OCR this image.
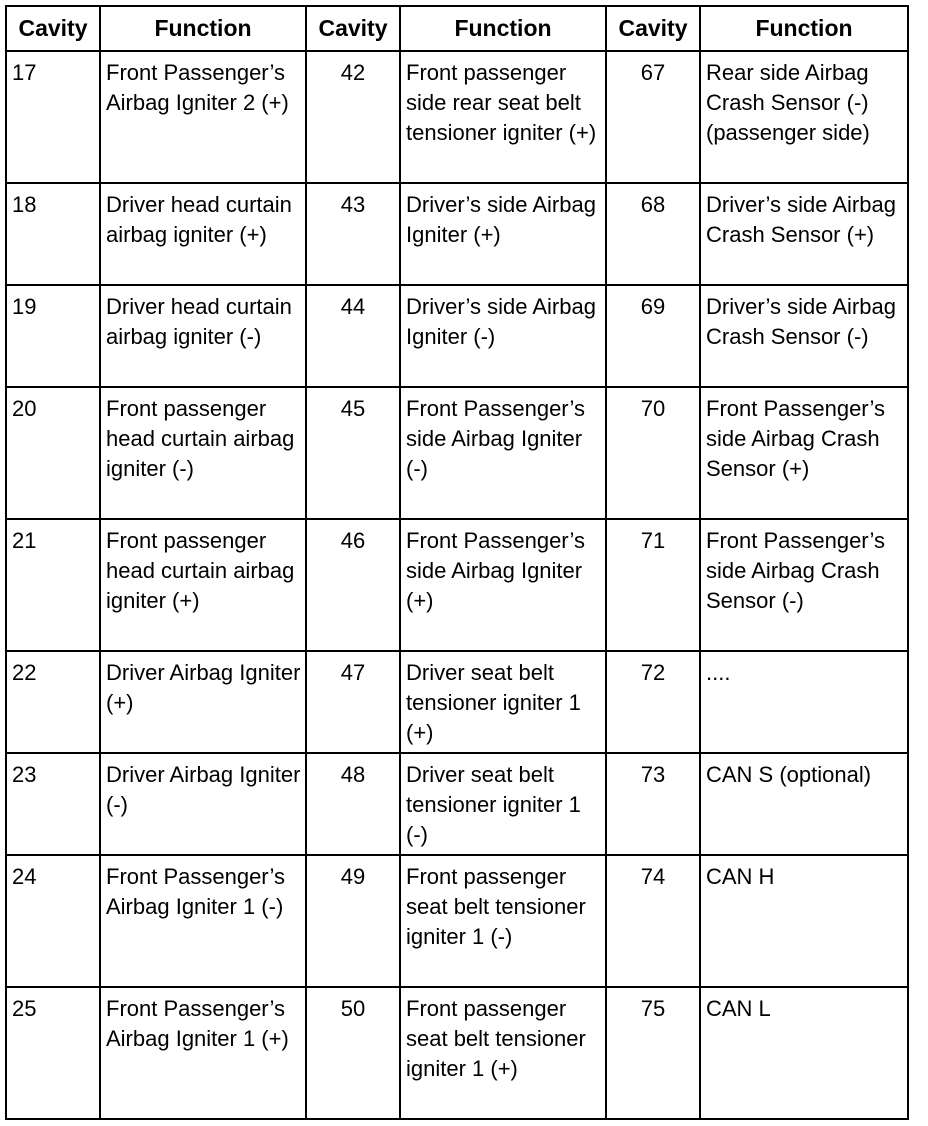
Cavity	Function	Cavity	Function	Cavity	Function
17	Front Passenger’s Airbag Igniter 2 (+)	42	Front passenger side rear seat belt tensioner igniter (+)	67	Rear side Airbag Crash Sensor (-) (passenger side)
18	Driver head curtain airbag igniter (+)	43	Driver’s side Airbag Igniter (+)	68	Driver’s side Airbag Crash Sensor (+)
19	Driver head curtain airbag igniter (-)	44	Driver’s side Airbag Igniter (-)	69	Driver’s side Airbag Crash Sensor (-)
20	Front passenger head curtain airbag igniter (-)	45	Front Passenger’s side Airbag Igniter (-)	70	Front Passenger’s side Airbag Crash Sensor (+)
21	Front passenger head curtain airbag igniter (+)	46	Front Passenger’s side Airbag Igniter (+)	71	Front Passenger’s side Airbag Crash Sensor (-)
22	Driver Airbag Igniter (+)	47	Driver seat belt tensioner igniter 1 (+)	72	....
23	Driver Airbag Igniter (-)	48	Driver seat belt tensioner igniter 1 (-)	73	CAN S (optional)
24	Front Passenger’s Airbag Igniter 1 (-)	49	Front passenger seat belt tensioner igniter 1 (-)	74	CAN H
25	Front Passenger’s Airbag Igniter 1 (+)	50	Front passenger seat belt tensioner igniter 1 (+)	75	CAN L
